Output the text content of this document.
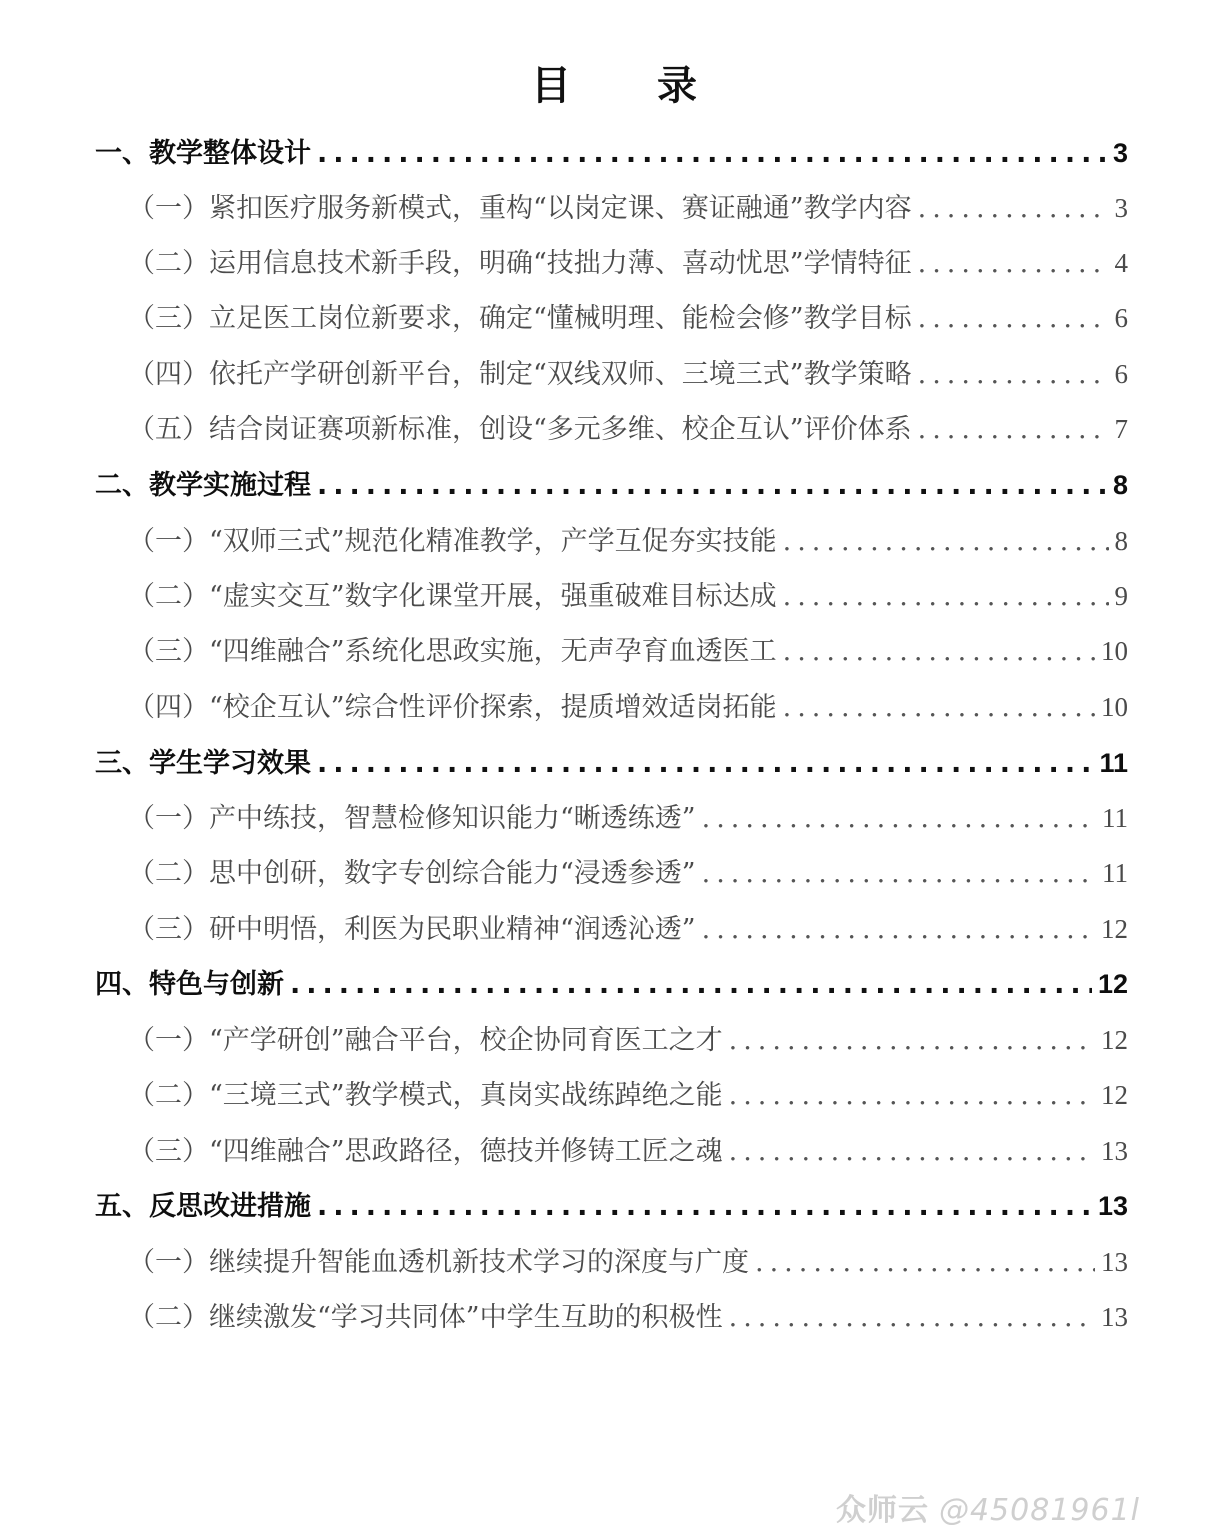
目 录
一、教学整体设计 .....	3
（一）紧扣医疗服务新模式，重构“以岗定课、赛证融通”教学内容 .....	3
（二）运用信息技术新手段，明确“技拙力薄、喜动忧思”学情特征 .....	4
（三）立足医工岗位新要求，确定“懂械明理、能检会修”教学目标 .....	6
（四）依托产学研创新平台，制定“双线双师、三境三式”教学策略 .....	6
（五）结合岗证赛项新标准，创设“多元多维、校企互认”评价体系 .....	7
二、教学实施过程 .....	8
（一）“双师三式”规范化精准教学，产学互促夯实技能 .....	8
（二）“虚实交互”数字化课堂开展，强重破难目标达成 .....	9
（三）“四维融合”系统化思政实施，无声孕育血透医工 .....	10
（四）“校企互认”综合性评价探索，提质增效适岗拓能 .....	10
三、学生学习效果 .....	11
（一）产中练技，智慧检修知识能力“晰透练透” .....	11
（二）思中创研，数字专创综合能力“浸透参透” .....	11
（三）研中明悟，利医为民职业精神“润透沁透” .....	12
四、特色与创新 .....	12
（一）“产学研创”融合平台，校企协同育医工之才 .....	12
（二）“三境三式”教学模式，真岗实战练踔绝之能 .....	12
（三）“四维融合”思政路径，德技并修铸工匠之魂 .....	13
五、反思改进措施 .....	13
（一）继续提升智能血透机新技术学习的深度与广度 .....	13
（二）继续激发“学习共同体”中学生互助的积极性 .....	13
众师云 @45081961l
